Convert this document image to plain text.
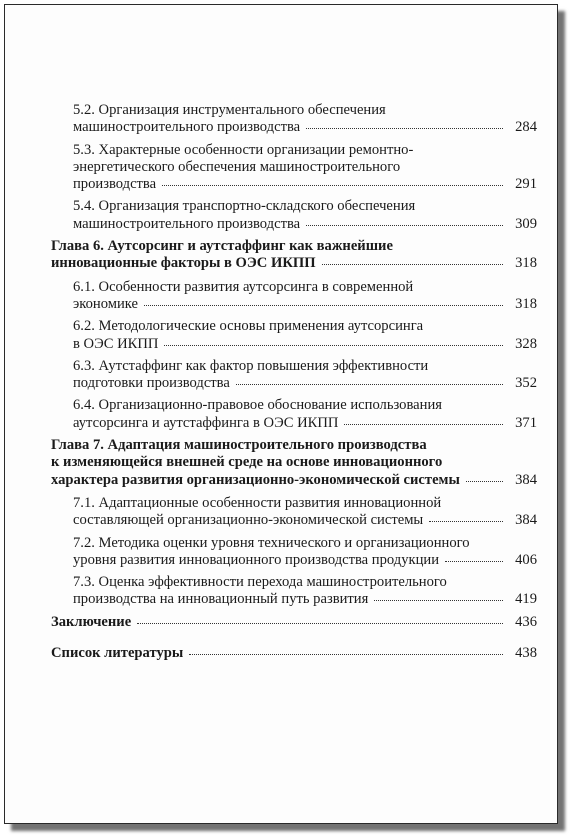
5.2. Организация инструментального обеспечения
машиностроительного производства	284
5.3. Характерные особенности организации ремонтно-
энергетического обеспечения машиностроительного
производства	291
5.4. Организация транспортно-складского обеспечения
машиностроительного производства	309
Глава 6. Аутсорсинг и аутстаффинг как важнейшие
инновационные факторы в ОЭС ИКПП	318
6.1. Особенности развития аутсорсинга в современной
экономике	318
6.2. Методологические основы применения аутсорсинга
в ОЭС ИКПП	328
6.3. Аутстаффинг как фактор повышения эффективности
подготовки производства	352
6.4. Организационно-правовое обоснование использования
аутсорсинга и аутстаффинга в ОЭС ИКПП	371
Глава 7. Адаптация машиностроительного производства
к изменяющейся внешней среде на основе инновационного
характера развития организационно-экономической системы	384
7.1. Адаптационные особенности развития инновационной
составляющей организационно-экономической системы	384
7.2. Методика оценки уровня технического и организационного
уровня развития инновационного производства продукции	406
7.3. Оценка эффективности перехода машиностроительного
производства на инновационный путь развития	419
Заключение	436
Список литературы	438
